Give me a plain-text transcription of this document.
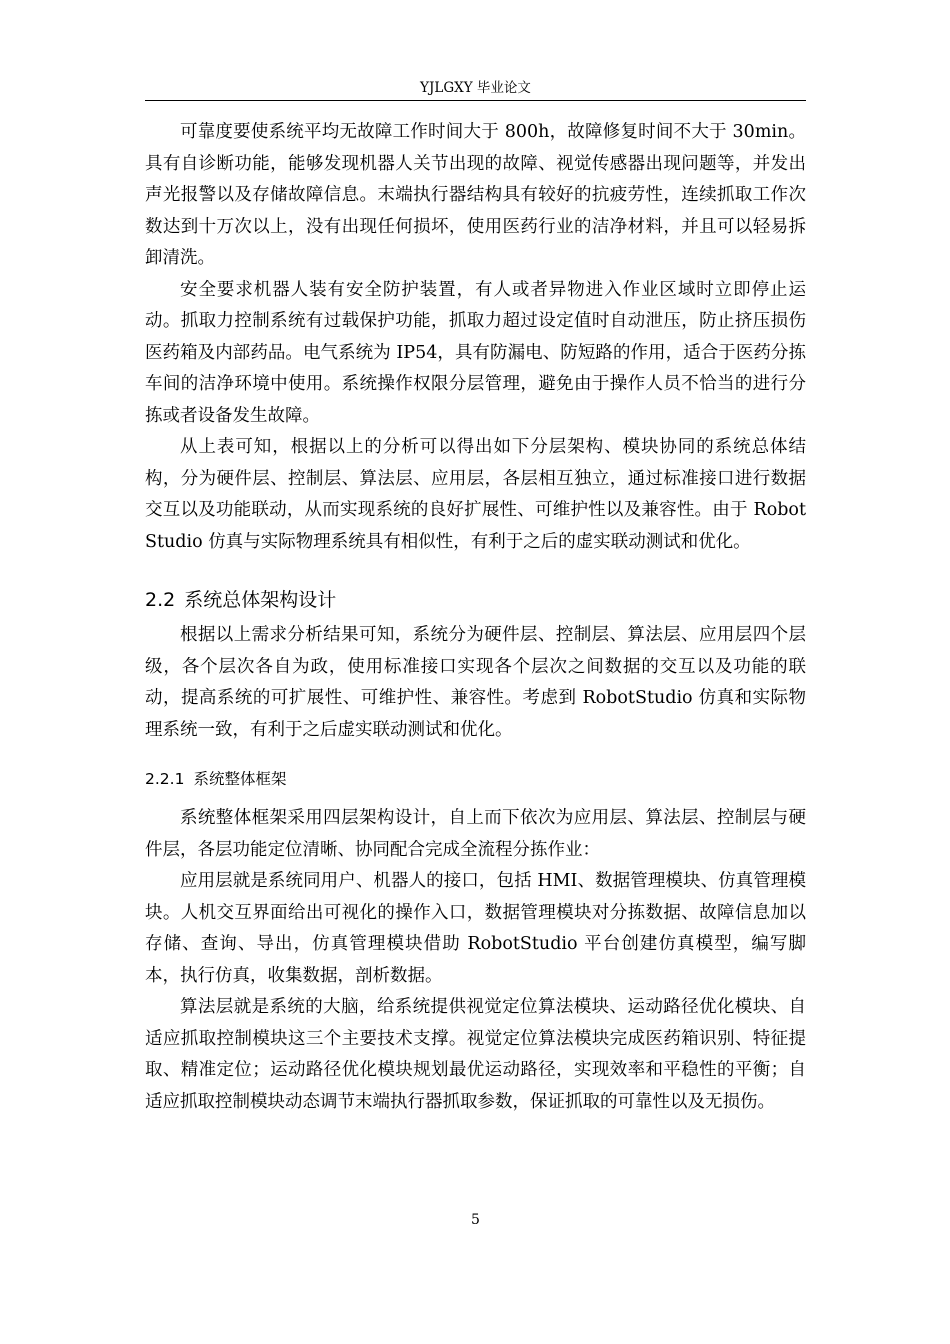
YJLGXY 毕业论文

可靠度要使系统平均无故障工作时间大于 800h，故障修复时间不大于 30min。具有自诊断功能，能够发现机器人关节出现的故障、视觉传感器出现问题等，并发出声光报警以及存储故障信息。末端执行器结构具有较好的抗疲劳性，连续抓取工作次数达到十万次以上，没有出现任何损坏，使用医药行业的洁净材料，并且可以轻易拆卸清洗。

安全要求机器人装有安全防护装置，有人或者异物进入作业区域时立即停止运动。抓取力控制系统有过载保护功能，抓取力超过设定值时自动泄压，防止挤压损伤医药箱及内部药品。电气系统为 IP54，具有防漏电、防短路的作用，适合于医药分拣车间的洁净环境中使用。系统操作权限分层管理，避免由于操作人员不恰当的进行分拣或者设备发生故障。

从上表可知，根据以上的分析可以得出如下分层架构、模块协同的系统总体结构，分为硬件层、控制层、算法层、应用层，各层相互独立，通过标准接口进行数据交互以及功能联动，从而实现系统的良好扩展性、可维护性以及兼容性。由于 RobotStudio 仿真与实际物理系统具有相似性，有利于之后的虚实联动测试和优化。

2.2 系统总体架构设计

根据以上需求分析结果可知，系统分为硬件层、控制层、算法层、应用层四个层级，各个层次各自为政，使用标准接口实现各个层次之间数据的交互以及功能的联动，提高系统的可扩展性、可维护性、兼容性。考虑到 RobotStudio 仿真和实际物理系统一致，有利于之后虚实联动测试和优化。

2.2.1 系统整体框架

系统整体框架采用四层架构设计，自上而下依次为应用层、算法层、控制层与硬件层，各层功能定位清晰、协同配合完成全流程分拣作业：

应用层就是系统同用户、机器人的接口，包括 HMI、数据管理模块、仿真管理模块。人机交互界面给出可视化的操作入口，数据管理模块对分拣数据、故障信息加以存储、查询、导出，仿真管理模块借助 RobotStudio 平台创建仿真模型，编写脚本，执行仿真，收集数据，剖析数据。

算法层就是系统的大脑，给系统提供视觉定位算法模块、运动路径优化模块、自适应抓取控制模块这三个主要技术支撑。视觉定位算法模块完成医药箱识别、特征提取、精准定位；运动路径优化模块规划最优运动路径，实现效率和平稳性的平衡；自适应抓取控制模块动态调节末端执行器抓取参数，保证抓取的可靠性以及无损伤。

5
